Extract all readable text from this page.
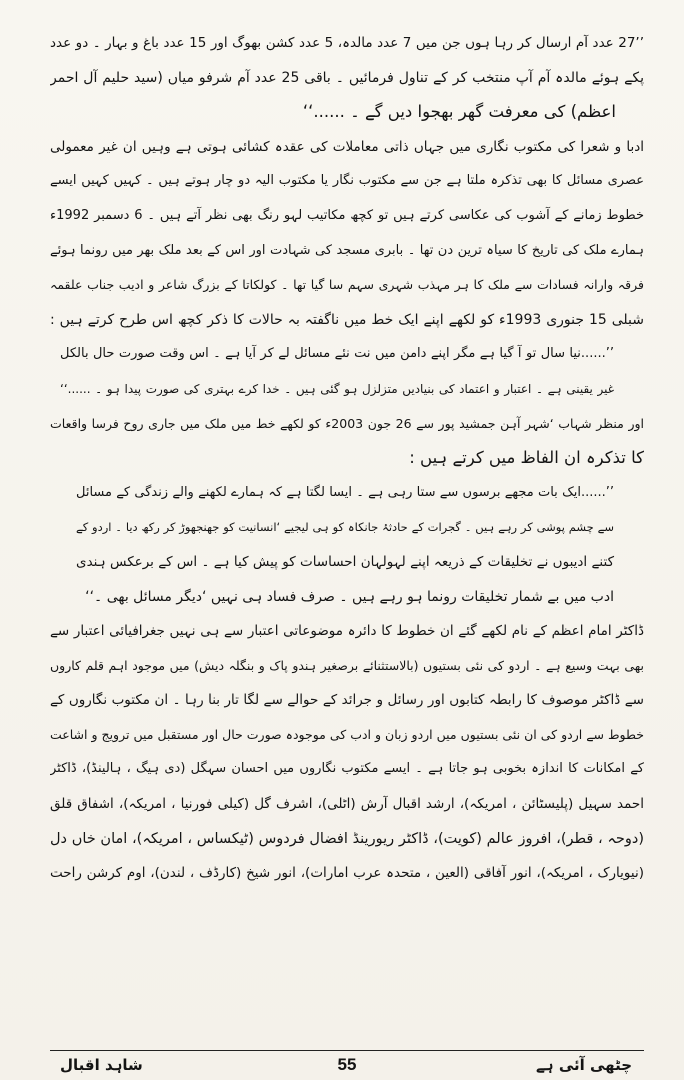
’’27 عدد آم ارسال کر رہا ہوں جن میں 7 عدد مالدہ، 5 عدد کشن بھوگ اور 15 عدد باغ و بہار ۔ دو عدد
پکے ہوئے مالدہ آم آپ منتخب کر کے تناول فرمائیں ۔ باقی 25 عدد آم شرفو میاں (سید حلیم آل احمر
اعظم) کی معرفت گھر بھجوا دیں گے ۔ ......‘‘
ادبا و شعرا کی مکتوب نگاری میں جہاں ذاتی معاملات کی عقدہ کشائی ہوتی ہے وہیں ان غیر معمولی
عصری مسائل کا بھی تذکرہ ملتا ہے جن سے مکتوب نگار یا مکتوب الیہ دو چار ہوتے ہیں ۔ کہیں کہیں ایسے
خطوط زمانے کے آشوب کی عکاسی کرتے ہیں تو کچھ مکاتیب لہو رنگ بھی نظر آتے ہیں ۔ 6 دسمبر 1992ء
ہمارے ملک کی تاریخ کا سیاہ ترین دن تھا ۔ بابری مسجد کی شہادت اور اس کے بعد ملک بھر میں رونما ہوئے
فرقہ وارانہ فسادات سے ملک کا ہر مہذب شہری سہم سا گیا تھا ۔ کولکاتا کے بزرگ شاعر و ادیب جناب علقمہ
شبلی 15 جنوری 1993ء کو لکھے اپنے ایک خط میں ناگفتہ بہ حالات کا ذکر کچھ اس طرح کرتے ہیں :
’’......نیا سال تو آ گیا ہے مگر اپنے دامن میں نت نئے مسائل لے کر آیا ہے ۔ اس وقت صورت حال بالکل
غیر یقینی ہے ۔ اعتبار و اعتماد کی بنیادیں متزلزل ہو گئی ہیں ۔ خدا کرے بہتری کی صورت پیدا ہو ۔ ......‘‘
اور منظر شہاب ‘شہر آہن جمشید پور سے 26 جون 2003ء کو لکھے خط میں ملک میں جاری روح فرسا واقعات
کا تذکرہ ان الفاظ میں کرتے ہیں :
’’......ایک بات مجھے برسوں سے ستا رہی ہے ۔ ایسا لگتا ہے کہ ہمارے لکھنے والے زندگی کے مسائل
سے چشم پوشی کر رہے ہیں ۔ گجرات کے حادثۂ جانکاہ کو ہی لیجیے ‘انسانیت کو جھنجھوڑ کر رکھ دیا ۔ اردو کے
کتنے ادیبوں نے تخلیقات کے ذریعہ اپنے لہولہان احساسات کو پیش کیا ہے ۔ اس کے برعکس ہندی
ادب میں بے شمار تخلیقات رونما ہو رہے ہیں ۔ صرف فساد ہی نہیں ‘دیگر مسائل بھی ۔‘‘
ڈاکٹر امام اعظم کے نام لکھے گئے ان خطوط کا دائرہ موضوعاتی اعتبار سے ہی نہیں جغرافیائی اعتبار سے
بھی بہت وسیع ہے ۔ اردو کی نئی بستیوں (بالاستثنائے برصغیر ہندو پاک و بنگلہ دیش) میں موجود اہم قلم کاروں
سے ڈاکٹر موصوف کا رابطہ کتابوں اور رسائل و جرائد کے حوالے سے لگا تار بنا رہا ۔ ان مکتوب نگاروں کے
خطوط سے اردو کی ان نئی بستیوں میں اردو زبان و ادب کی موجودہ صورت حال اور مستقبل میں ترویج و اشاعت
کے امکانات کا اندازہ بخوبی ہو جاتا ہے ۔ ایسے مکتوب نگاروں میں احسان سہگل (دی ہیگ ، ہالینڈ)، ڈاکٹر
احمد سہیل (پلیسٹائن ، امریکہ)، ارشد اقبال آرش (اٹلی)، اشرف گل (کیلی فورنیا ، امریکہ)، اشفاق قلق
(دوحہ ، قطر)، افروز عالم (کویت)، ڈاکٹر ریورینڈ افضال فردوس (ٹیکساس ، امریکہ)، امان خاں دل
(نیویارک ، امریکہ)، انور آفاقی (العین ، متحدہ عرب امارات)، انور شیخ (کارڈف ، لندن)، اوم کرشن راحت
شاہد اقبال	55	چٹھی آئی ہے
